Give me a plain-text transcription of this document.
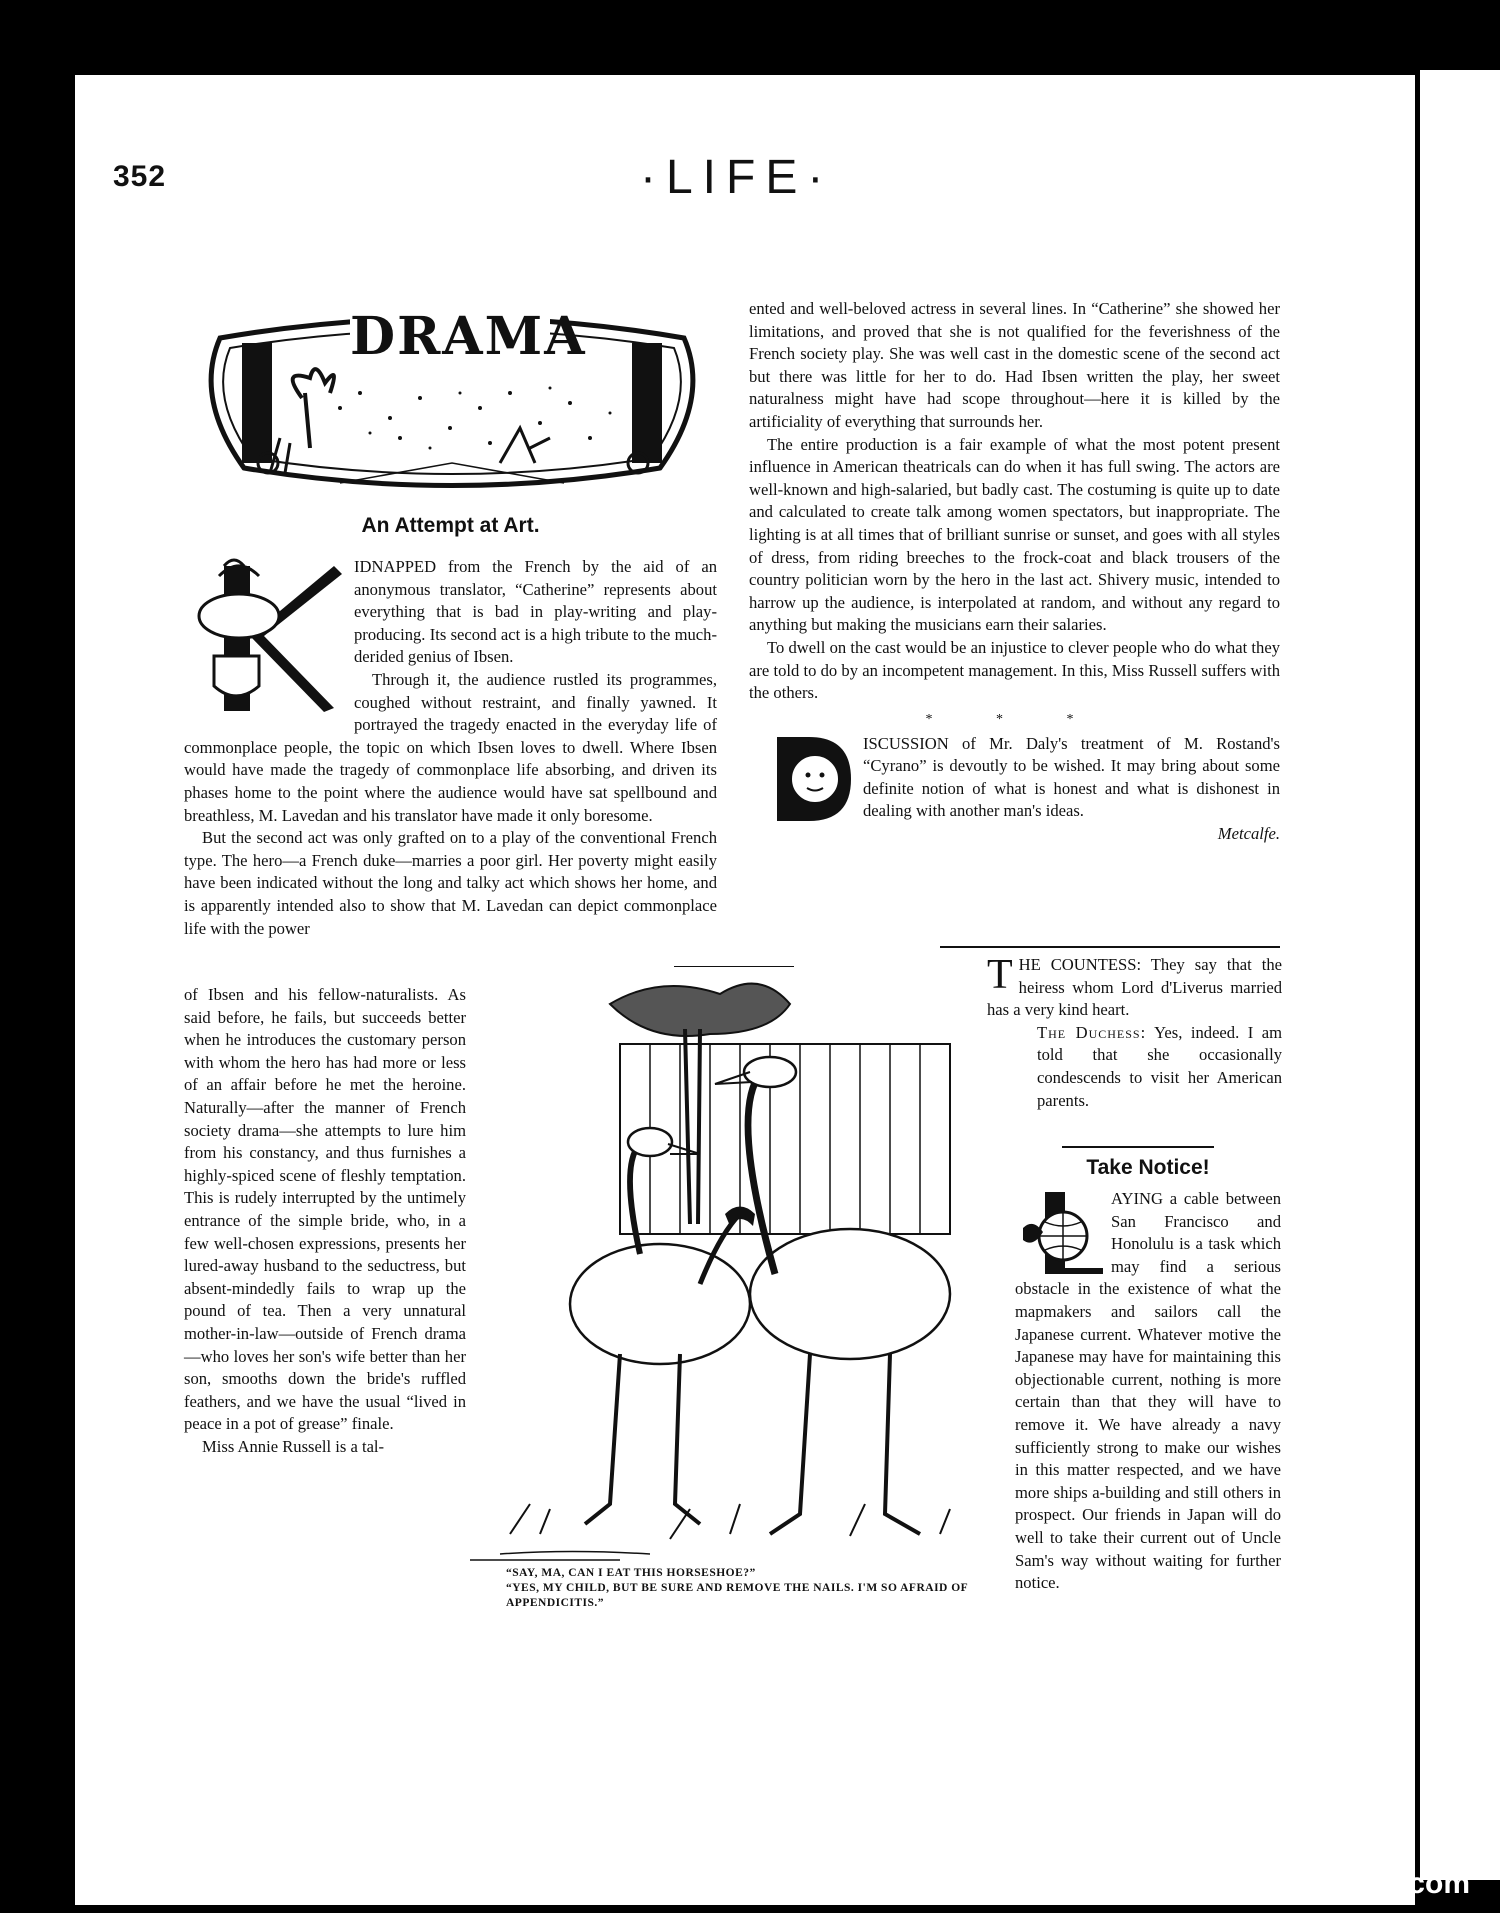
352	·LIFE·
DRAMA
An Attempt at Art.

IDNAPPED from the French by the aid of an anonymous translator, “Catherine” represents about everything that is bad in play-writing and play-producing. Its second act is a high tribute to the much-derided genius of Ibsen.

Through it, the audience rustled its programmes, coughed without restraint, and finally yawned. It portrayed the tragedy enacted in the everyday life of commonplace people, the topic on which Ibsen loves to dwell. Where Ibsen would have made the tragedy of commonplace life absorbing, and driven its phases home to the point where the audience would have sat spellbound and breathless, M. Lavedan and his translator have made it only boresome.

But the second act was only grafted on to a play of the conventional French type. The hero—a French duke—marries a poor girl. Her poverty might easily have been indicated without the long and talky act which shows her home, and is apparently intended also to show that M. Lavedan can depict commonplace life with the power

of Ibsen and his fellow-naturalists. As said before, he fails, but succeeds better when he introduces the customary person with whom the hero has had more or less of an affair before he met the heroine. Naturally—after the manner of French society drama—she attempts to lure him from his constancy, and thus furnishes a highly-spiced scene of fleshly temptation. This is rudely interrupted by the untimely entrance of the simple bride, who, in a few well-chosen expressions, presents her lured-away husband to the seductress, but absent-mindedly fails to wrap up the pound of tea. Then a very unnatural mother-in-law—outside of French drama—who loves her son's wife better than her son, smooths down the bride's ruffled feathers, and we have the usual “lived in peace in a pot of grease” finale.

Miss Annie Russell is a tal-

“SAY, MA, CAN I EAT THIS HORSESHOE?”
“YES, MY CHILD, BUT BE SURE AND REMOVE THE NAILS. I'M SO AFRAID OF APPENDICITIS.”

ented and well-beloved actress in several lines. In “Catherine” she showed her limitations, and proved that she is not qualified for the feverishness of the French society play. She was well cast in the domestic scene of the second act but there was little for her to do. Had Ibsen written the play, her sweet naturalness might have had scope throughout—here it is killed by the artificiality of everything that surrounds her.

The entire production is a fair example of what the most potent present influence in American theatricals can do when it has full swing. The actors are well-known and high-salaried, but badly cast. The costuming is quite up to date and calculated to create talk among women spectators, but inappropriate. The lighting is at all times that of brilliant sunrise or sunset, and goes with all styles of dress, from riding breeches to the frock-coat and black trousers of the country politician worn by the hero in the last act. Shivery music, intended to harrow up the audience, is interpolated at random, and without any regard to anything but making the musicians earn their salaries.

To dwell on the cast would be an injustice to clever people who do what they are told to do by an incompetent management. In this, Miss Russell suffers with the others.

* * *

ISCUSSION of Mr. Daly's treatment of M. Rostand's “Cyrano” is devoutly to be wished. It may bring about some definite notion of what is honest and what is dishonest in dealing with another man's ideas.

Metcalfe.

THE COUNTESS: They say that the heiress whom Lord d'Liverus married has a very kind heart.

The Duchess: Yes, indeed. I am told that she occasionally condescends to visit her American parents.

Take Notice!

AYING a cable between San Francisco and Honolulu is a task which may find a serious obstacle in the existence of what the mapmakers and sailors call the Japanese current. Whatever motive the Japanese may have for maintaining this objectionable current, nothing is more certain than that they will have to remove it. We have already a navy sufficiently strong to make our wishes in this matter respected, and we have more ships a-building and still others in prospect. Our friends in Japan will do well to take their current out of Uncle Sam's way without waiting for further notice.

comicbooks.com
